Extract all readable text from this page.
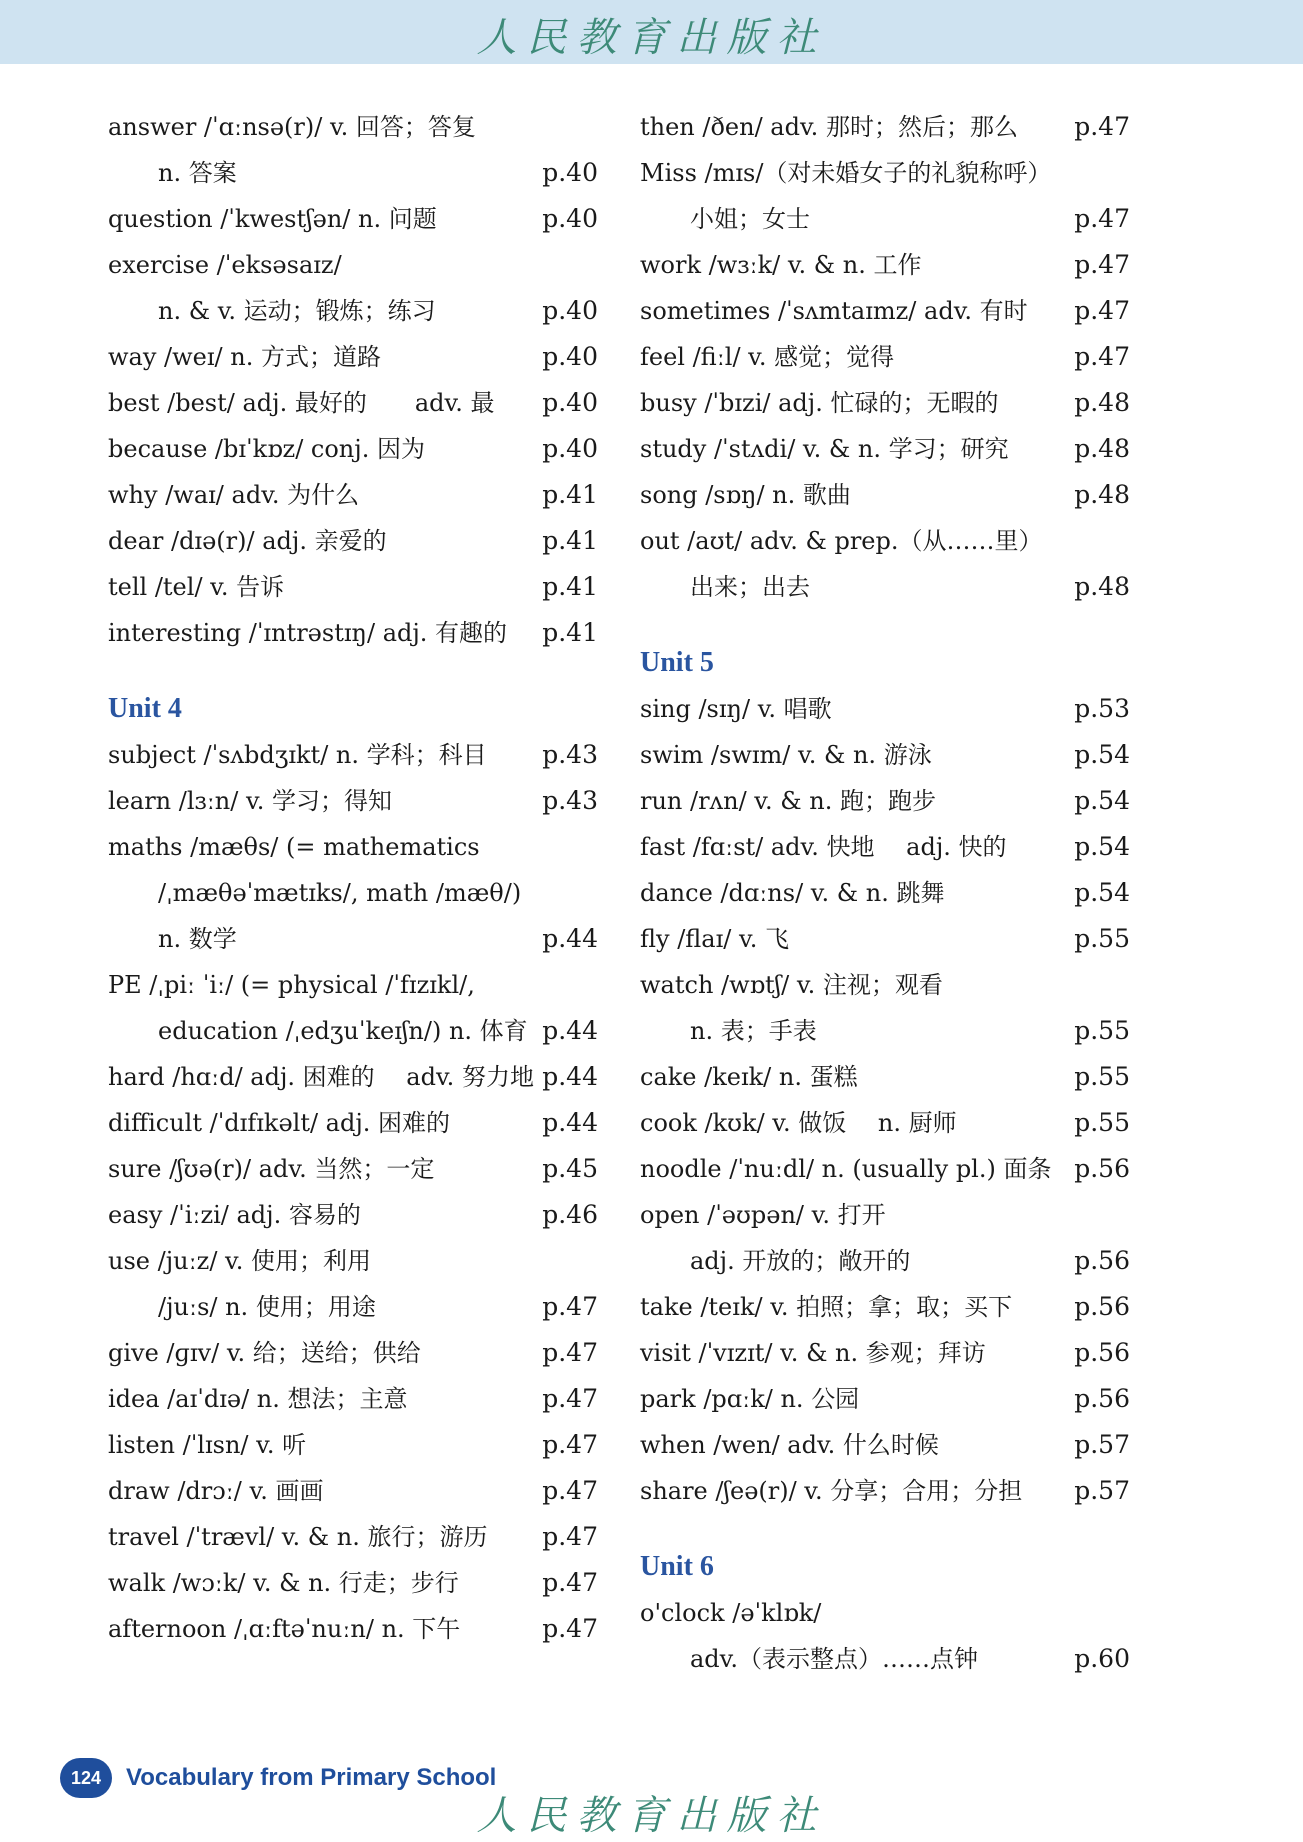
人民教育出版社
answer /ˈɑːnsə(r)/ v. 回答；答复
n. 答案	p.40
question /ˈkwestʃən/ n. 问题	p.40
exercise /ˈeksəsaɪz/
n. & v. 运动；锻炼；练习	p.40
way /weɪ/ n. 方式；道路	p.40
best /best/ adj. 最好的　　adv. 最 p.40
because /bɪˈkɒz/ conj. 因为	p.40
why /waɪ/ adv. 为什么	p.41
dear /dɪə(r)/ adj. 亲爱的	p.41
tell /tel/ v. 告诉	p.41
interesting /ˈɪntrəstɪŋ/ adj. 有趣的 p.41
Unit 4
subject /ˈsʌbdʒɪkt/ n. 学科；科目 p.43
learn /lɜːn/ v. 学习；得知	p.43
maths /mæθs/ (= mathematics
/ˌmæθəˈmætɪks/, math /mæθ/)
n. 数学	p.44
PE /ˌpiː ˈiː/ (= physical /ˈfɪzɪkl/,
education /ˌedʒuˈkeɪʃn/) n. 体育 p.44
hard /hɑːd/ adj. 困难的　 adv. 努力地 p.44
difficult /ˈdɪfɪkəlt/ adj. 困难的	p.44
sure /ʃʊə(r)/ adv. 当然；一定	p.45
easy /ˈiːzi/ adj. 容易的	p.46
use /juːz/ v. 使用；利用
/juːs/ n. 使用；用途	p.47
give /ɡɪv/ v. 给；送给；供给	p.47
idea /aɪˈdɪə/ n. 想法；主意	p.47
listen /ˈlɪsn/ v. 听	p.47
draw /drɔː/ v. 画画	p.47
travel /ˈtrævl/ v. & n. 旅行；游历 p.47
walk /wɔːk/ v. & n. 行走；步行	p.47
afternoon /ˌɑːftəˈnuːn/ n. 下午	p.47
then /ðen/ adv. 那时；然后；那么 p.47
Miss /mɪs/（对未婚女子的礼貌称呼）
小姐；女士	p.47
work /wɜːk/ v. & n. 工作	p.47
sometimes /ˈsʌmtaɪmz/ adv. 有时 p.47
feel /fiːl/ v. 感觉；觉得	p.47
busy /ˈbɪzi/ adj. 忙碌的；无暇的	p.48
study /ˈstʌdi/ v. & n. 学习；研究	p.48
song /sɒŋ/ n. 歌曲	p.48
out /aʊt/ adv. & prep.（从……里）
出来；出去	p.48
Unit 5
sing /sɪŋ/ v. 唱歌	p.53
swim /swɪm/ v. & n. 游泳	p.54
run /rʌn/ v. & n. 跑；跑步	p.54
fast /fɑːst/ adv. 快地　 adj. 快的	p.54
dance /dɑːns/ v. & n. 跳舞	p.54
fly /flaɪ/ v. 飞	p.55
watch /wɒtʃ/ v. 注视；观看
n. 表；手表	p.55
cake /keɪk/ n. 蛋糕	p.55
cook /kʊk/ v. 做饭　 n. 厨师	p.55
noodle /ˈnuːdl/ n. (usually pl.) 面条 p.56
open /ˈəʊpən/ v. 打开
adj. 开放的；敞开的	p.56
take /teɪk/ v. 拍照；拿；取；买下 p.56
visit /ˈvɪzɪt/ v. & n. 参观；拜访	p.56
park /pɑːk/ n. 公园	p.56
when /wen/ adv. 什么时候	p.57
share /ʃeə(r)/ v. 分享；合用；分担 p.57
Unit 6
o'clock /əˈklɒk/
adv.（表示整点）……点钟	p.60
124	Vocabulary from Primary School
人民教育出版社
